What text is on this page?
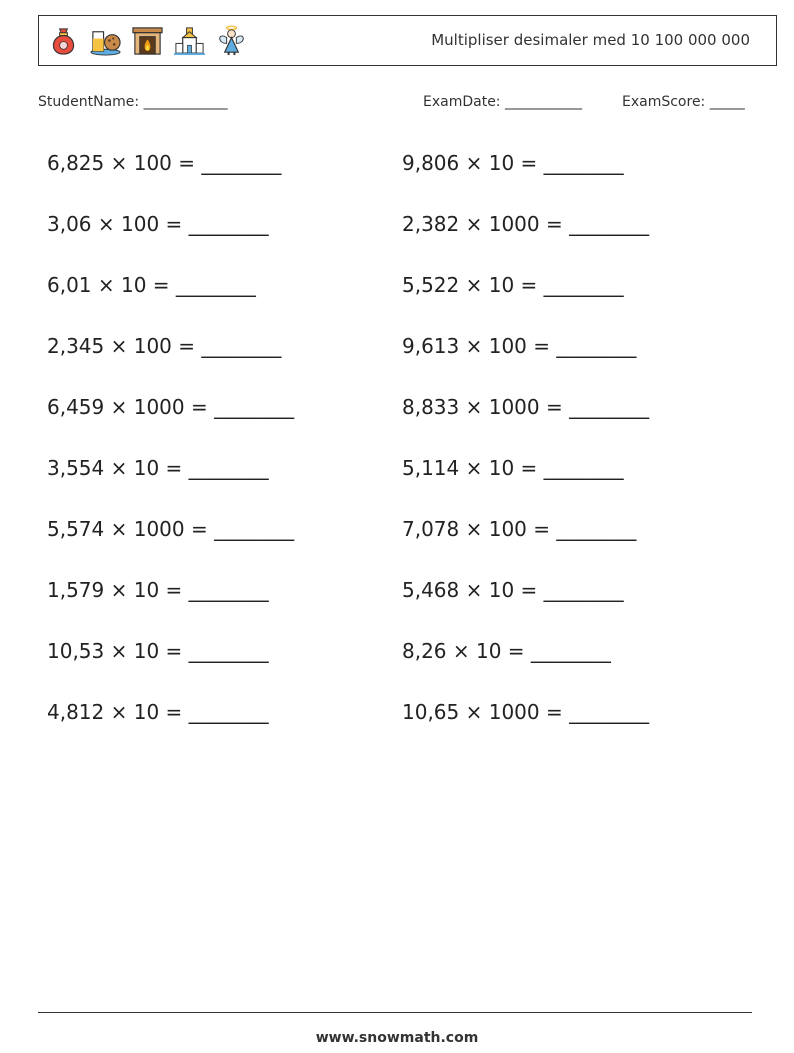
Multipliser desimaler med 10 100 000 000
StudentName: ____________	ExamDate: ___________	ExamScore: _____
6,825 × 100 = ________
3,06 × 100 = ________
6,01 × 10 = ________
2,345 × 100 = ________
6,459 × 1000 = ________
3,554 × 10 = ________
5,574 × 1000 = ________
1,579 × 10 = ________
10,53 × 10 = ________
4,812 × 10 = ________
9,806 × 10 = ________
2,382 × 1000 = ________
5,522 × 10 = ________
9,613 × 100 = ________
8,833 × 1000 = ________
5,114 × 10 = ________
7,078 × 100 = ________
5,468 × 10 = ________
8,26 × 10 = ________
10,65 × 1000 = ________
www.snowmath.com
